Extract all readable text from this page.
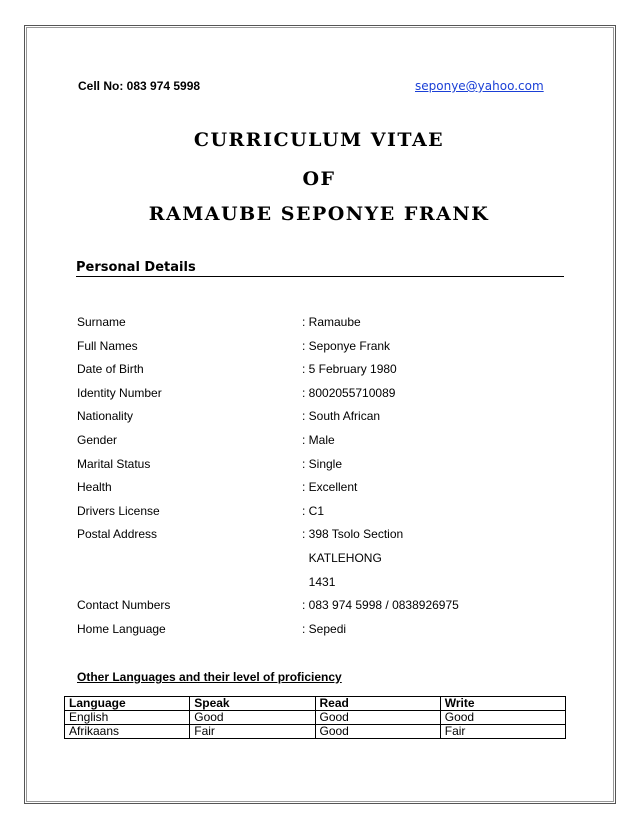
Cell No: 083 974 5998	seponye@yahoo.com
CURRICULUM VITAE
OF
RAMAUBE SEPONYE FRANK
Personal Details
Surname	: Ramaube
Full Names	: Seponye Frank
Date of Birth	: 5 February 1980
Identity Number	: 8002055710089
Nationality	: South African
Gender	: Male
Marital Status	: Single
Health	: Excellent
Drivers License	: C1
Postal Address	: 398 Tsolo Section
KATLEHONG
1431
Contact Numbers	: 083 974 5998 / 0838926975
Home Language	: Sepedi
Other Languages and their level of proficiency
Language	Speak	Read	Write
English	Good	Good	Good
Afrikaans	Fair	Good	Fair
